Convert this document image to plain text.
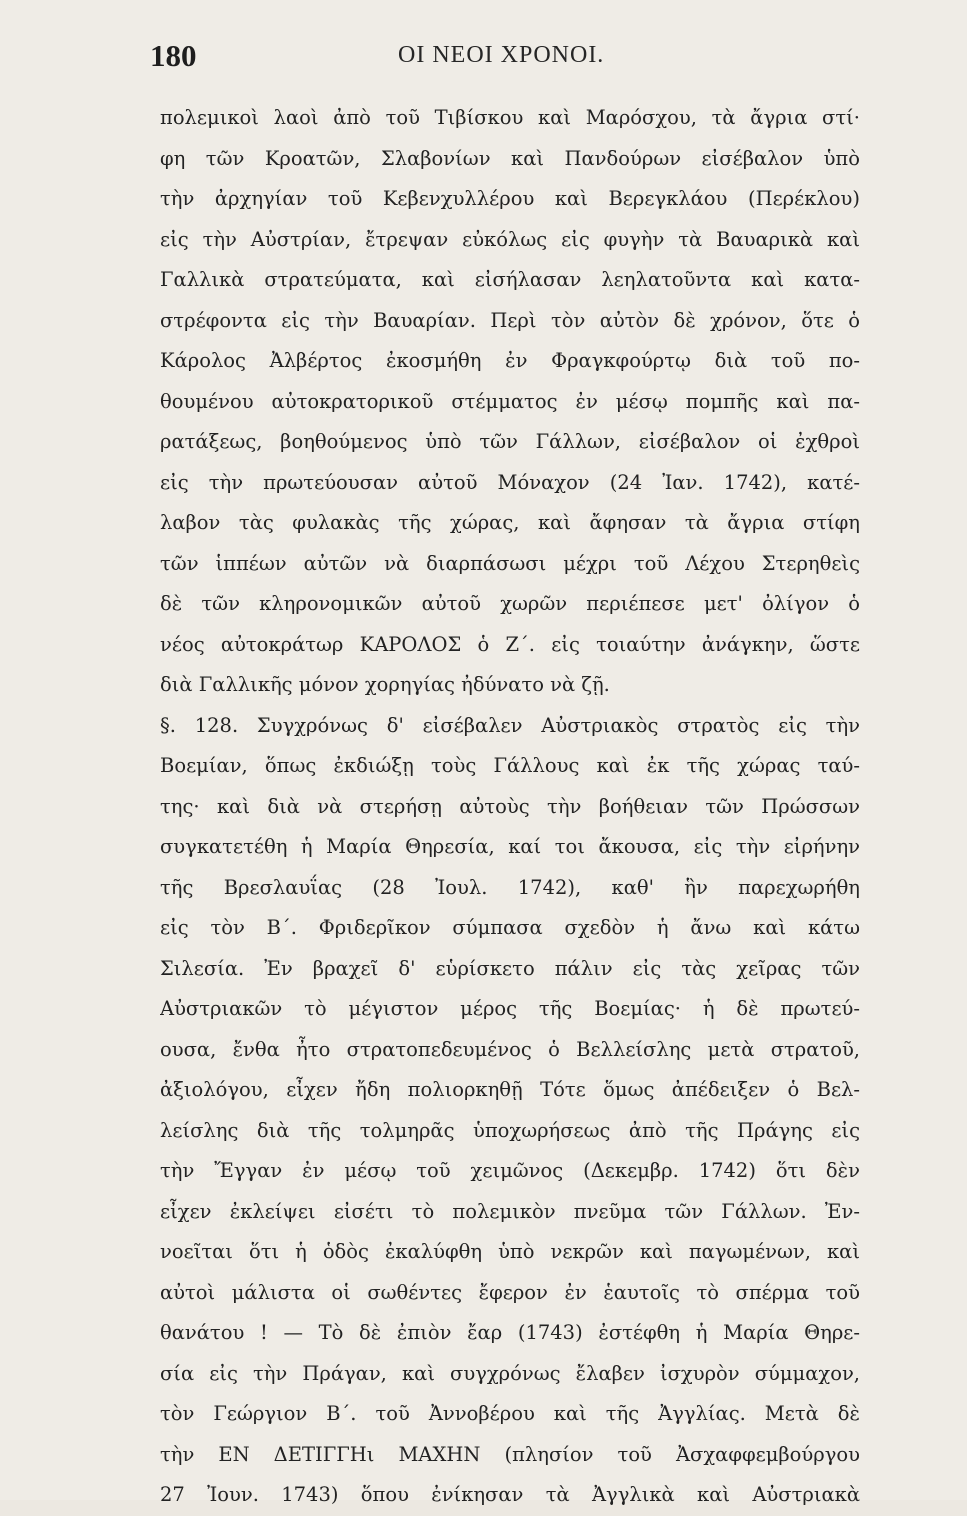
180	ΟΙ ΝΕΟΙ ΧΡΟΝΟΙ.
πολεμικοὶ λαοὶ ἀπὸ τοῦ Τιβίσκου καὶ Μαρόσχου, τὰ ἄγρια στί·
φη τῶν Κροατῶν, Σλαβονίων καὶ Πανδούρων εἰσέβαλον ὑπὸ
τὴν ἀρχηγίαν τοῦ Κεβενχυλλέρου καὶ Βερεγκλάου (Περέκλου)
εἰς τὴν Αὐστρίαν, ἔτρεψαν εὐκόλως εἰς φυγὴν τὰ Βαυαρικὰ καὶ
Γαλλικὰ στρατεύματα, καὶ εἰσήλασαν λεηλατοῦντα καὶ κατα-
στρέφοντα εἰς τὴν Βαυαρίαν. Περὶ τὸν αὐτὸν δὲ χρόνον, ὅτε ὁ
Κάρολος Ἀλβέρτος ἐκοσμήθη ἐν Φραγκφούρτῳ διὰ τοῦ πο-
θουμένου αὐτοκρατορικοῦ στέμματος ἐν μέσῳ πομπῆς καὶ πα-
ρατάξεως, βοηθούμενος ὑπὸ τῶν Γάλλων, εἰσέβαλον οἱ ἐχθροὶ
εἰς τὴν πρωτεύουσαν αὐτοῦ Μόναχον (24 Ἰαν. 1742), κατέ-
λαβον τὰς φυλακὰς τῆς χώρας, καὶ ἄφησαν τὰ ἄγρια στίφη
τῶν ἱππέων αὐτῶν νὰ διαρπάσωσι μέχρι τοῦ Λέχου Στερηθεὶς
δὲ τῶν κληρονομικῶν αὐτοῦ χωρῶν περιέπεσε μετ' ὀλίγον ὁ
νέος αὐτοκράτωρ ΚΑΡΟΛΟΣ ὁ Ζ΄. εἰς τοιαύτην ἀνάγκην, ὥστε
διὰ Γαλλικῆς μόνον χορηγίας ἠδύνατο νὰ ζῇ.
§. 128. Συγχρόνως δ' εἰσέβαλεν Αὐστριακὸς στρατὸς εἰς τὴν
Βοεμίαν, ὅπως ἐκδιώξῃ τοὺς Γάλλους καὶ ἐκ τῆς χώρας ταύ-
της· καὶ διὰ νὰ στερήσῃ αὐτοὺς τὴν βοήθειαν τῶν Πρώσσων
συγκατετέθη ἡ Μαρία Θηρεσία, καί τοι ἄκουσα, εἰς τὴν εἰρήνην
τῆς Βρεσλαυΐας (28 Ἰουλ. 1742), καθ' ἣν παρεχωρήθη
εἰς τὸν Β΄. Φριδερῖκον σύμπασα σχεδὸν ἡ ἄνω καὶ κάτω
Σιλεσία. Ἐν βραχεῖ δ' εὑρίσκετο πάλιν εἰς τὰς χεῖρας τῶν
Αὐστριακῶν τὸ μέγιστον μέρος τῆς Βοεμίας· ἡ δὲ πρωτεύ-
ουσα, ἔνθα ἦτο στρατοπεδευμένος ὁ Βελλείσλης μετὰ στρατοῦ,
ἀξιολόγου, εἶχεν ἤδη πολιορκηθῇ Τότε ὅμως ἀπέδειξεν ὁ Βελ-
λείσλης διὰ τῆς τολμηρᾶς ὑποχωρήσεως ἀπὸ τῆς Πράγης εἰς
τὴν Ἔγγαν ἐν μέσῳ τοῦ χειμῶνος (Δεκεμβρ. 1742) ὅτι δὲν
εἶχεν ἐκλείψει εἰσέτι τὸ πολεμικὸν πνεῦμα τῶν Γάλλων. Ἐν-
νοεῖται ὅτι ἡ ὁδὸς ἐκαλύφθη ὑπὸ νεκρῶν καὶ παγωμένων, καὶ
αὐτοὶ μάλιστα οἱ σωθέντες ἔφερον ἐν ἑαυτοῖς τὸ σπέρμα τοῦ
θανάτου ! — Τὸ δὲ ἐπιὸν ἔαρ (1743) ἐστέφθη ἡ Μαρία Θηρε-
σία εἰς τὴν Πράγαν, καὶ συγχρόνως ἔλαβεν ἰσχυρὸν σύμμαχον,
τὸν Γεώργιον Β΄. τοῦ Ἀννοβέρου καὶ τῆς Ἀγγλίας. Μετὰ δὲ
τὴν ΕΝ ΔΕΤΙΓΓΗι ΜΑΧΗΝ (πλησίον τοῦ Ἀσχαφφεμβούργου
27 Ἰουν. 1743) ὅπου ἐνίκησαν τὰ Ἀγγλικὰ καὶ Αὐστριακὰ
